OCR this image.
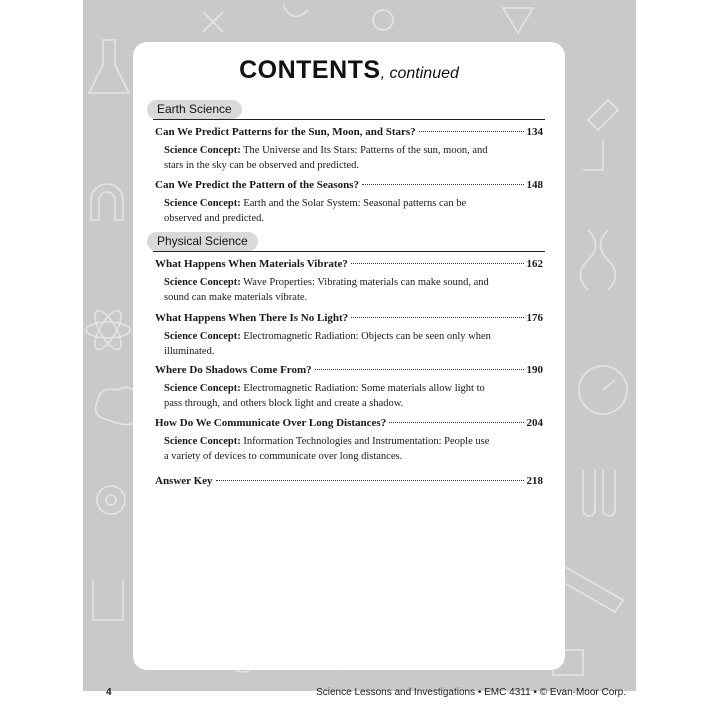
CONTENTS, continued
Earth Science
Can We Predict Patterns for the Sun, Moon, and Stars?	134
Science Concept: The Universe and Its Stars: Patterns of the sun, moon, and stars in the sky can be observed and predicted.
Can We Predict the Pattern of the Seasons?	148
Science Concept: Earth and the Solar System: Seasonal patterns can be observed and predicted.
Physical Science
What Happens When Materials Vibrate?	162
Science Concept: Wave Properties: Vibrating materials can make sound, and sound can make materials vibrate.
What Happens When There Is No Light?	176
Science Concept: Electromagnetic Radiation: Objects can be seen only when illuminated.
Where Do Shadows Come From?	190
Science Concept: Electromagnetic Radiation: Some materials allow light to pass through, and others block light and create a shadow.
How Do We Communicate Over Long Distances?	204
Science Concept: Information Technologies and Instrumentation: People use a variety of devices to communicate over long distances.
Answer Key	218
4	Science Lessons and Investigations • EMC 4311 • © Evan-Moor Corp.
